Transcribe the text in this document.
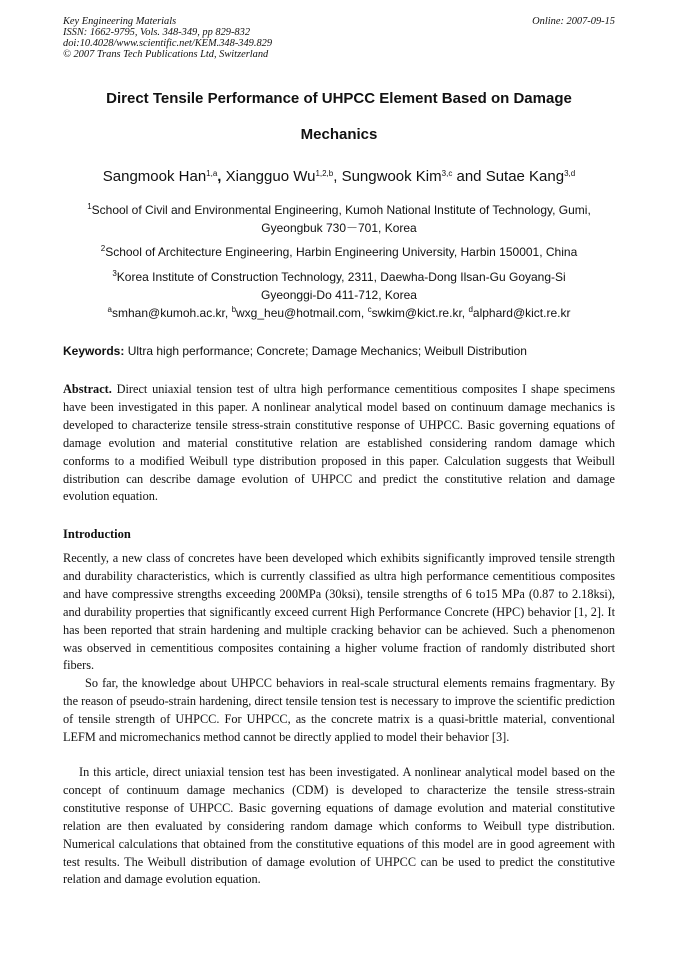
Key Engineering Materials
ISSN: 1662-9795, Vols. 348-349, pp 829-832
doi:10.4028/www.scientific.net/KEM.348-349.829
© 2007 Trans Tech Publications Ltd, Switzerland
Online: 2007-09-15
Direct Tensile Performance of UHPCC Element Based on Damage
Mechanics
Sangmook Han$^{1,a}$, Xiangguo Wu$^{1,2,b}$, Sungwook Kim$^{3,c}$ and Sutae Kang$^{3,d}$
$^1$School of Civil and Environmental Engineering, Kumoh National Institute of Technology, Gumi,
Gyeongbuk 730－701, Korea
$^2$School of Architecture Engineering, Harbin Engineering University, Harbin 150001, China
$^3$Korea Institute of Construction Technology, 2311, Daewha-Dong Ilsan-Gu Goyang-Si
Gyeonggi-Do 411-712, Korea
$^a$smhan@kumoh.ac.kr, $^b$wxg_heu@hotmail.com, $^c$swkim@kict.re.kr, $^d$alphard@kict.re.kr
Keywords: Ultra high performance; Concrete; Damage Mechanics; Weibull Distribution
Abstract. Direct uniaxial tension test of ultra high performance cementitious composites I shape specimens have been investigated in this paper. A nonlinear analytical model based on continuum damage mechanics is developed to characterize tensile stress-strain constitutive response of UHPCC. Basic governing equations of damage evolution and material constitutive relation are established considering random damage which conforms to a modified Weibull type distribution proposed in this paper. Calculation suggests that Weibull distribution can describe damage evolution of UHPCC and predict the constitutive relation and damage evolution equation.
Introduction
Recently, a new class of concretes have been developed which exhibits significantly improved tensile strength and durability characteristics, which is currently classified as ultra high performance cementitious composites and have compressive strengths exceeding 200MPa (30ksi), tensile strengths of 6 to15 MPa (0.87 to 2.18ksi), and durability properties that significantly exceed current High Performance Concrete (HPC) behavior [1, 2]. It has been reported that strain hardening and multiple cracking behavior can be achieved. Such a phenomenon was observed in cementitious composites containing a higher volume fraction of randomly distributed short fibers.
So far, the knowledge about UHPCC behaviors in real-scale structural elements remains fragmentary. By the reason of pseudo-strain hardening, direct tensile tension test is necessary to improve the scientific prediction of tensile strength of UHPCC. For UHPCC, as the concrete matrix is a quasi-brittle material, conventional LEFM and micromechanics method cannot be directly applied to model their behavior [3].
In this article, direct uniaxial tension test has been investigated. A nonlinear analytical model based on the concept of continuum damage mechanics (CDM) is developed to characterize the tensile stress-strain constitutive response of UHPCC. Basic governing equations of damage evolution and material constitutive relation are then evaluated by considering random damage which conforms to Weibull type distribution. Numerical calculations that obtained from the constitutive equations of this model are in good agreement with test results. The Weibull distribution of damage evolution of UHPCC can be used to predict the constitutive relation and damage evolution equation.
